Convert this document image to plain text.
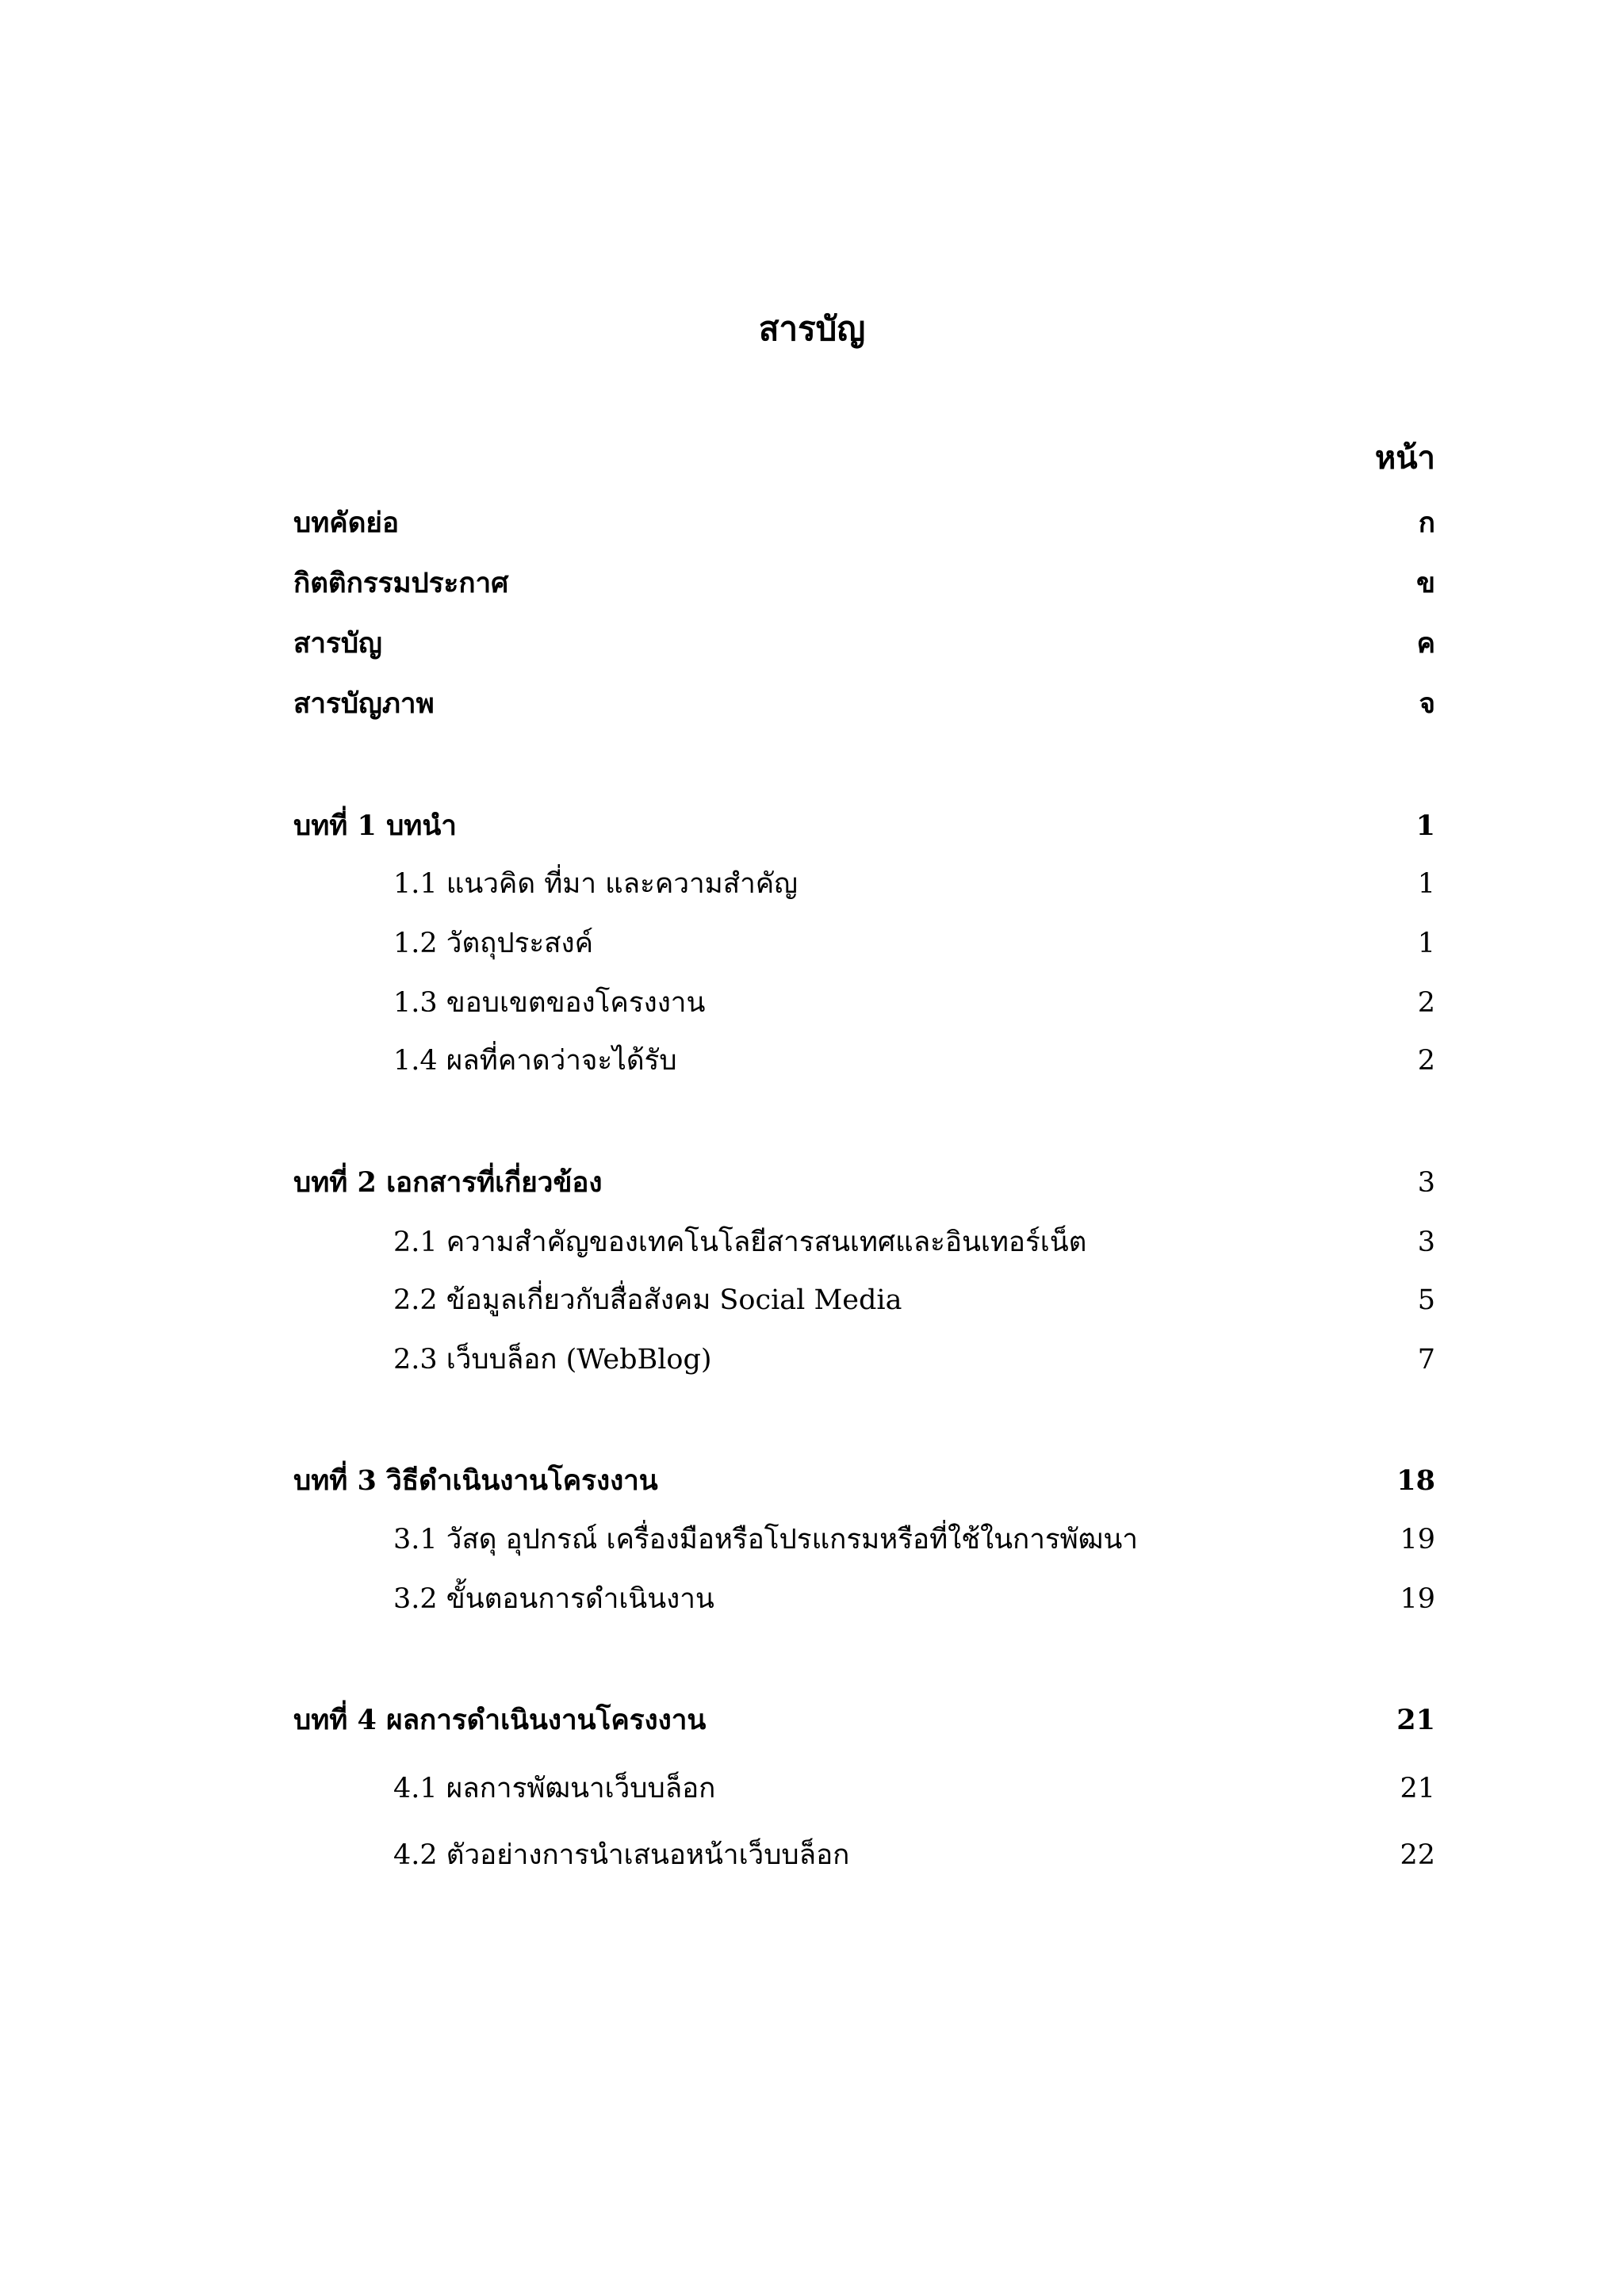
สารบัญ
หน้า
บทคัดย่อ	ก
กิตติกรรมประกาศ	ข
สารบัญ	ค
สารบัญภาพ	จ
บทที่ 1 บทนำ	1
1.1 แนวคิด ที่มา และความสำคัญ	1
1.2 วัตถุประสงค์	1
1.3 ขอบเขตของโครงงาน	2
1.4 ผลที่คาดว่าจะได้รับ	2
บทที่ 2 เอกสารที่เกี่ยวข้อง	3
2.1 ความสำคัญของเทคโนโลยีสารสนเทศและอินเทอร์เน็ต	3
2.2 ข้อมูลเกี่ยวกับสื่อสังคม Social Media	5
2.3 เว็บบล็อก (WebBlog)	7
บทที่ 3 วิธีดำเนินงานโครงงาน	18
3.1 วัสดุ อุปกรณ์ เครื่องมือหรือโปรแกรมหรือที่ใช้ในการพัฒนา	19
3.2 ขั้นตอนการดำเนินงาน	19
บทที่ 4 ผลการดำเนินงานโครงงาน	21
4.1 ผลการพัฒนาเว็บบล็อก	21
4.2 ตัวอย่างการนำเสนอหน้าเว็บบล็อก	22
